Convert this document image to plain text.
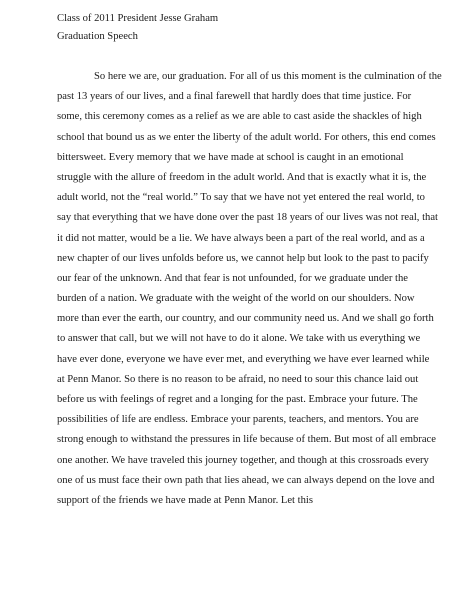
Class of 2011 President Jesse Graham
Graduation Speech
So here we are, our graduation. For all of us this moment is the culmination of the
past 13 years of our lives, and a final farewell that hardly does that time justice. For
some, this ceremony comes as a relief as we are able to cast aside the shackles of high
school that bound us as we enter the liberty of the adult world. For others, this end comes
bittersweet. Every memory that we have made at school is caught in an emotional
struggle with the allure of freedom in the adult world. And that is exactly what it is, the
adult world, not the “real world.” To say that we have not yet entered the real world, to
say that everything that we have done over the past 18 years of our lives was not real, that
it did not matter, would be a lie. We have always been a part of the real world, and as a
new chapter of our lives unfolds before us, we cannot help but look to the past to pacify
our fear of the unknown. And that fear is not unfounded, for we graduate under the
burden of a nation. We graduate with the weight of the world on our shoulders. Now
more than ever the earth, our country, and our community need us. And we shall go forth
to answer that call, but we will not have to do it alone. We take with us everything we
have ever done, everyone we have ever met, and everything we have ever learned while
at Penn Manor. So there is no reason to be afraid, no need to sour this chance laid out
before us with feelings of regret and a longing for the past. Embrace your future. The
possibilities of life are endless. Embrace your parents, teachers, and mentors. You are
strong enough to withstand the pressures in life because of them. But most of all embrace
one another. We have traveled this journey together, and though at this crossroads every
one of us must face their own path that lies ahead, we can always depend on the love and
support of the friends we have made at Penn Manor. Let this
